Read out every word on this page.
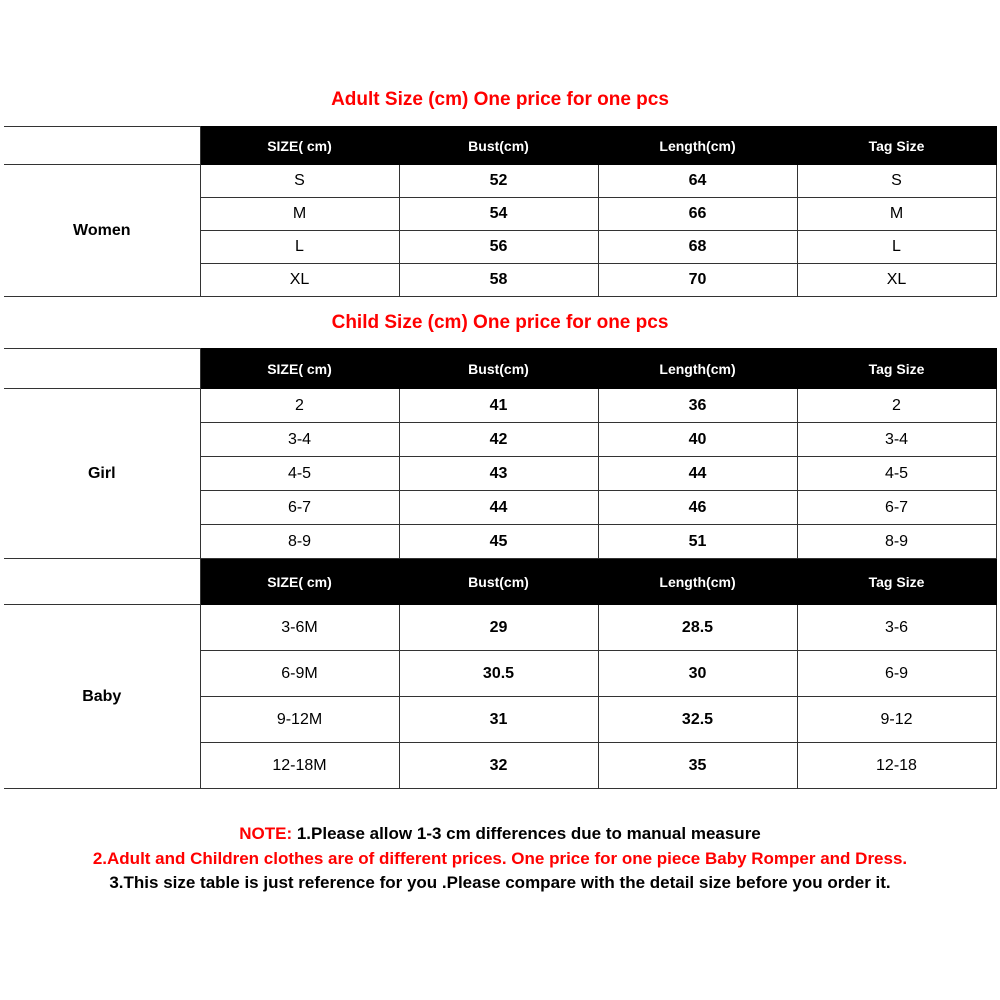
Adult Size (cm) One price for one pcs
	SIZE( cm)	Bust(cm)	Length(cm)	Tag Size
Women	S	52	64	S
	M	54	66	M
	L	56	68	L
	XL	58	70	XL
Child Size (cm) One price for one pcs
	SIZE( cm)	Bust(cm)	Length(cm)	Tag Size
Girl	2	41	36	2
	3-4	42	40	3-4
	4-5	43	44	4-5
	6-7	44	46	6-7
	8-9	45	51	8-9
	SIZE( cm)	Bust(cm)	Length(cm)	Tag Size
Baby	3-6M	29	28.5	3-6
	6-9M	30.5	30	6-9
	9-12M	31	32.5	9-12
	12-18M	32	35	12-18
NOTE: 1.Please allow 1-3 cm differences due to manual measure
2.Adult and Children clothes are of different prices. One price for one piece Baby Romper and Dress.
3.This size table is just reference for you .Please compare with the detail size before you order it.
